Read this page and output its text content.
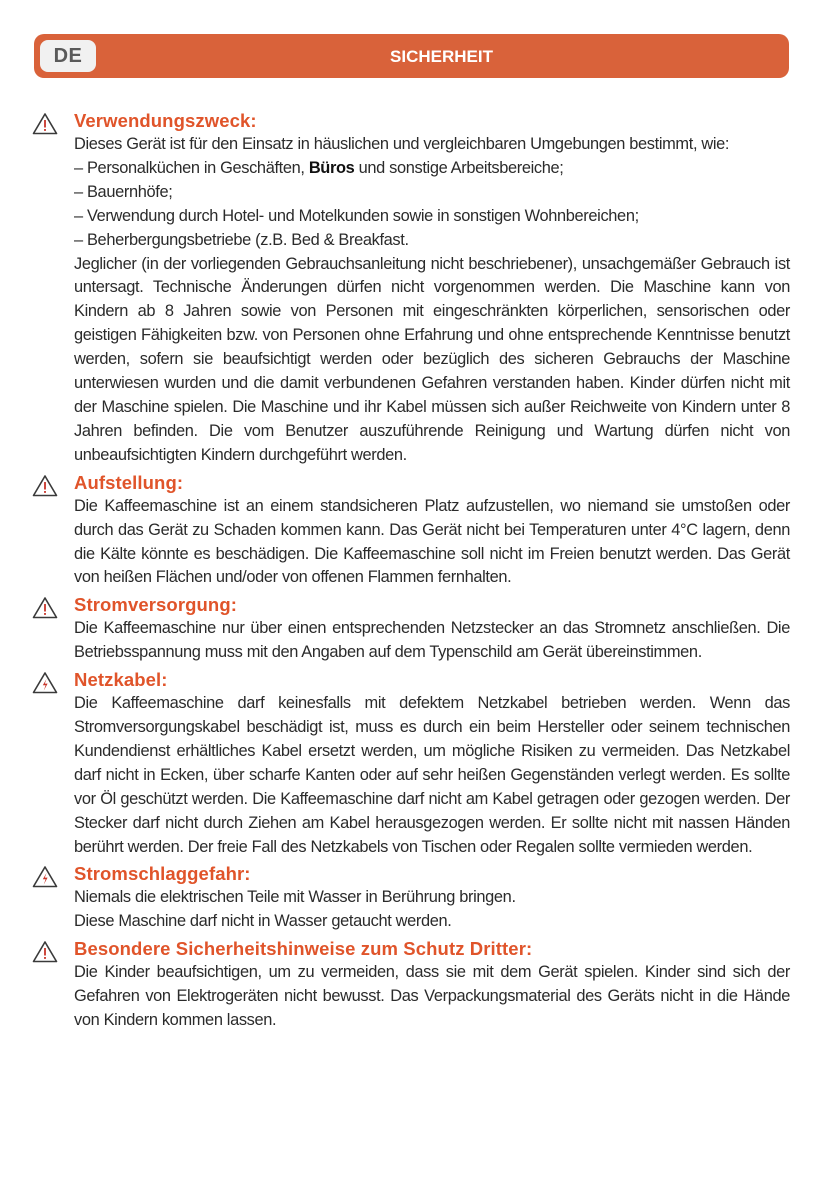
DE	SICHERHEIT
Verwendungszweck:

Dieses Gerät ist für den Einsatz in häuslichen und vergleichbaren Umgebungen bestimmt, wie:

– Personalküchen in Geschäften, Büros und sonstige Arbeitsbereiche;
– Bauernhöfe;
– Verwendung durch Hotel- und Motelkunden sowie in sonstigen Wohnbereichen;
– Beherbergungsbetriebe (z.B. Bed & Breakfast.

Jeglicher (in der vorliegenden Gebrauchsanleitung nicht beschriebener), unsachgemäßer Gebrauch ist untersagt. Technische Änderungen dürfen nicht vorgenommen werden. Die Maschine kann von Kindern ab 8 Jahren sowie von Personen mit eingeschränkten körperlichen, sensorischen oder geistigen Fähigkeiten bzw. von Personen ohne Erfahrung und ohne entsprechende Kenntnisse benutzt werden, sofern sie beaufsichtigt werden oder bezüglich des sicheren Gebrauchs der Maschine unterwiesen wurden und die damit verbundenen Gefahren verstanden haben. Kinder dürfen nicht mit der Maschine spielen. Die Maschine und ihr Kabel müssen sich außer Reichweite von Kindern unter 8 Jahren befinden. Die vom Benutzer auszuführende Reinigung und Wartung dürfen nicht von unbeaufsichtigten Kindern durchgeführt werden.

Aufstellung:

Die Kaffeemaschine ist an einem standsicheren Platz aufzustellen, wo niemand sie umstoßen oder durch das Gerät zu Schaden kommen kann. Das Gerät nicht bei Temperaturen unter 4°C lagern, denn die Kälte könnte es beschädigen. Die Kaffeemaschine soll nicht im Freien benutzt werden. Das Gerät von heißen Flächen und/oder von offenen Flammen fernhalten.

Stromversorgung:

Die Kaffeemaschine nur über einen entsprechenden Netzstecker an das Stromnetz anschließen. Die Betriebsspannung muss mit den Angaben auf dem Typenschild am Gerät übereinstimmen.

Netzkabel:

Die Kaffeemaschine darf keinesfalls mit defektem Netzkabel betrieben werden. Wenn das Stromversorgungskabel beschädigt ist, muss es durch ein beim Hersteller oder seinem technischen Kundendienst erhältliches Kabel ersetzt werden, um mögliche Risiken zu vermeiden. Das Netzkabel darf nicht in Ecken, über scharfe Kanten oder auf sehr heißen Gegenständen verlegt werden. Es sollte vor Öl geschützt werden. Die Kaffeemaschine darf nicht am Kabel getragen oder gezogen werden. Der Stecker darf nicht durch Ziehen am Kabel herausgezogen werden. Er sollte nicht mit nassen Händen berührt werden. Der freie Fall des Netzkabels von Tischen oder Regalen sollte vermieden werden.

Stromschlaggefahr:
Niemals die elektrischen Teile mit Wasser in Berührung bringen.
Diese Maschine darf nicht in Wasser getaucht werden.
Besondere Sicherheitshinweise zum Schutz Dritter:

Die Kinder beaufsichtigen, um zu vermeiden, dass sie mit dem Gerät spielen. Kinder sind sich der Gefahren von Elektrogeräten nicht bewusst. Das Verpackungsmaterial des Geräts nicht in die Hände von Kindern kommen lassen.
